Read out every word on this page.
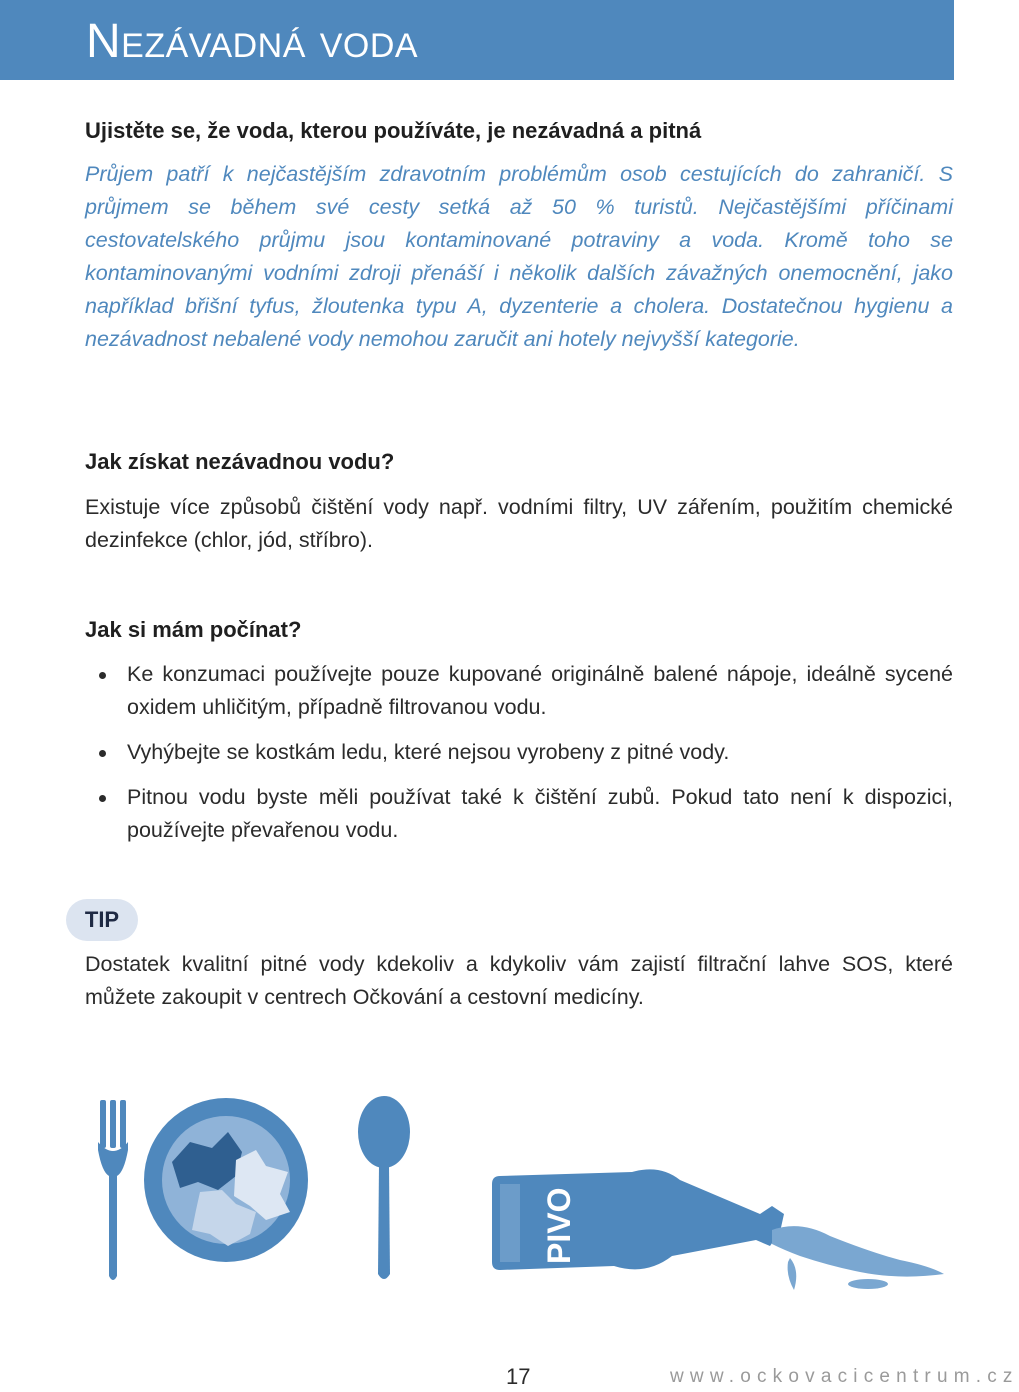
Nezávadná voda
Ujistěte se, že voda, kterou používáte, je nezávadná a pitná

Průjem patří k nejčastějším zdravotním problémům osob cestujících do zahraničí. S průjmem se během své cesty setká až 50 % turistů. Nejčastějšími příčinami cestovatelského průjmu jsou kontaminované potraviny a voda. Kromě toho se kontaminovanými vodními zdroji přenáší i několik dalších závažných onemocnění, jako například břišní tyfus, žloutenka typu A, dyzenterie a cholera. Dostatečnou hygienu a nezávadnost nebalené vody nemohou zaručit ani hotely nejvyšší kategorie.

Jak získat nezávadnou vodu?

Existuje více způsobů čištění vody např. vodními filtry, UV zářením, použitím chemické dezinfekce (chlor, jód, stříbro).

Jak si mám počínat?
Ke konzumaci používejte pouze kupované originálně balené nápoje, ideálně sycené oxidem uhličitým, případně filtrovanou vodu.
Vyhýbejte se kostkám ledu, které nejsou vyrobeny z pitné vody.
Pitnou vodu byste měli používat také k čištění zubů. Pokud tato není k dispozici, používejte převařenou vodu.
TIP

Dostatek kvalitní pitné vody kdekoliv a kdykoliv vám zajistí filtrační lahve SOS, které můžete zakoupit v centrech Očkování a cestovní medicíny.

PIVO
17	www.ockovacicentrum.cz
